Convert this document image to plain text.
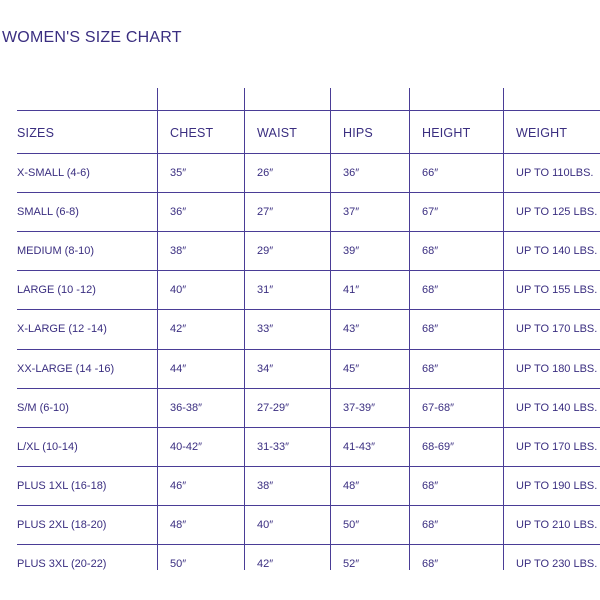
WOMEN'S SIZE CHART
SIZES	CHEST	WAIST	HIPS	HEIGHT	WEIGHT
X-SMALL (4-6)	35″	26″	36″	66″	UP TO 110LBS.
SMALL (6-8)	36″	27″	37″	67″	UP TO 125 LBS.
MEDIUM (8-10)	38″	29″	39″	68″	UP TO 140 LBS.
LARGE (10 -12)	40″	31″	41″	68″	UP TO 155 LBS.
X-LARGE (12 -14)	42″	33″	43″	68″	UP TO 170 LBS.
XX-LARGE (14 -16)	44″	34″	45″	68″	UP TO 180 LBS.
S/M (6-10)	36-38″	27-29″	37-39″	67-68″	UP TO 140 LBS.
L/XL (10-14)	40-42″	31-33″	41-43″	68-69″	UP TO 170 LBS.
PLUS 1XL (16-18)	46″	38″	48″	68″	UP TO 190 LBS.
PLUS 2XL (18-20)	48″	40″	50″	68″	UP TO 210 LBS.
PLUS 3XL (20-22)	50″	42″	52″	68″	UP TO 230 LBS.
